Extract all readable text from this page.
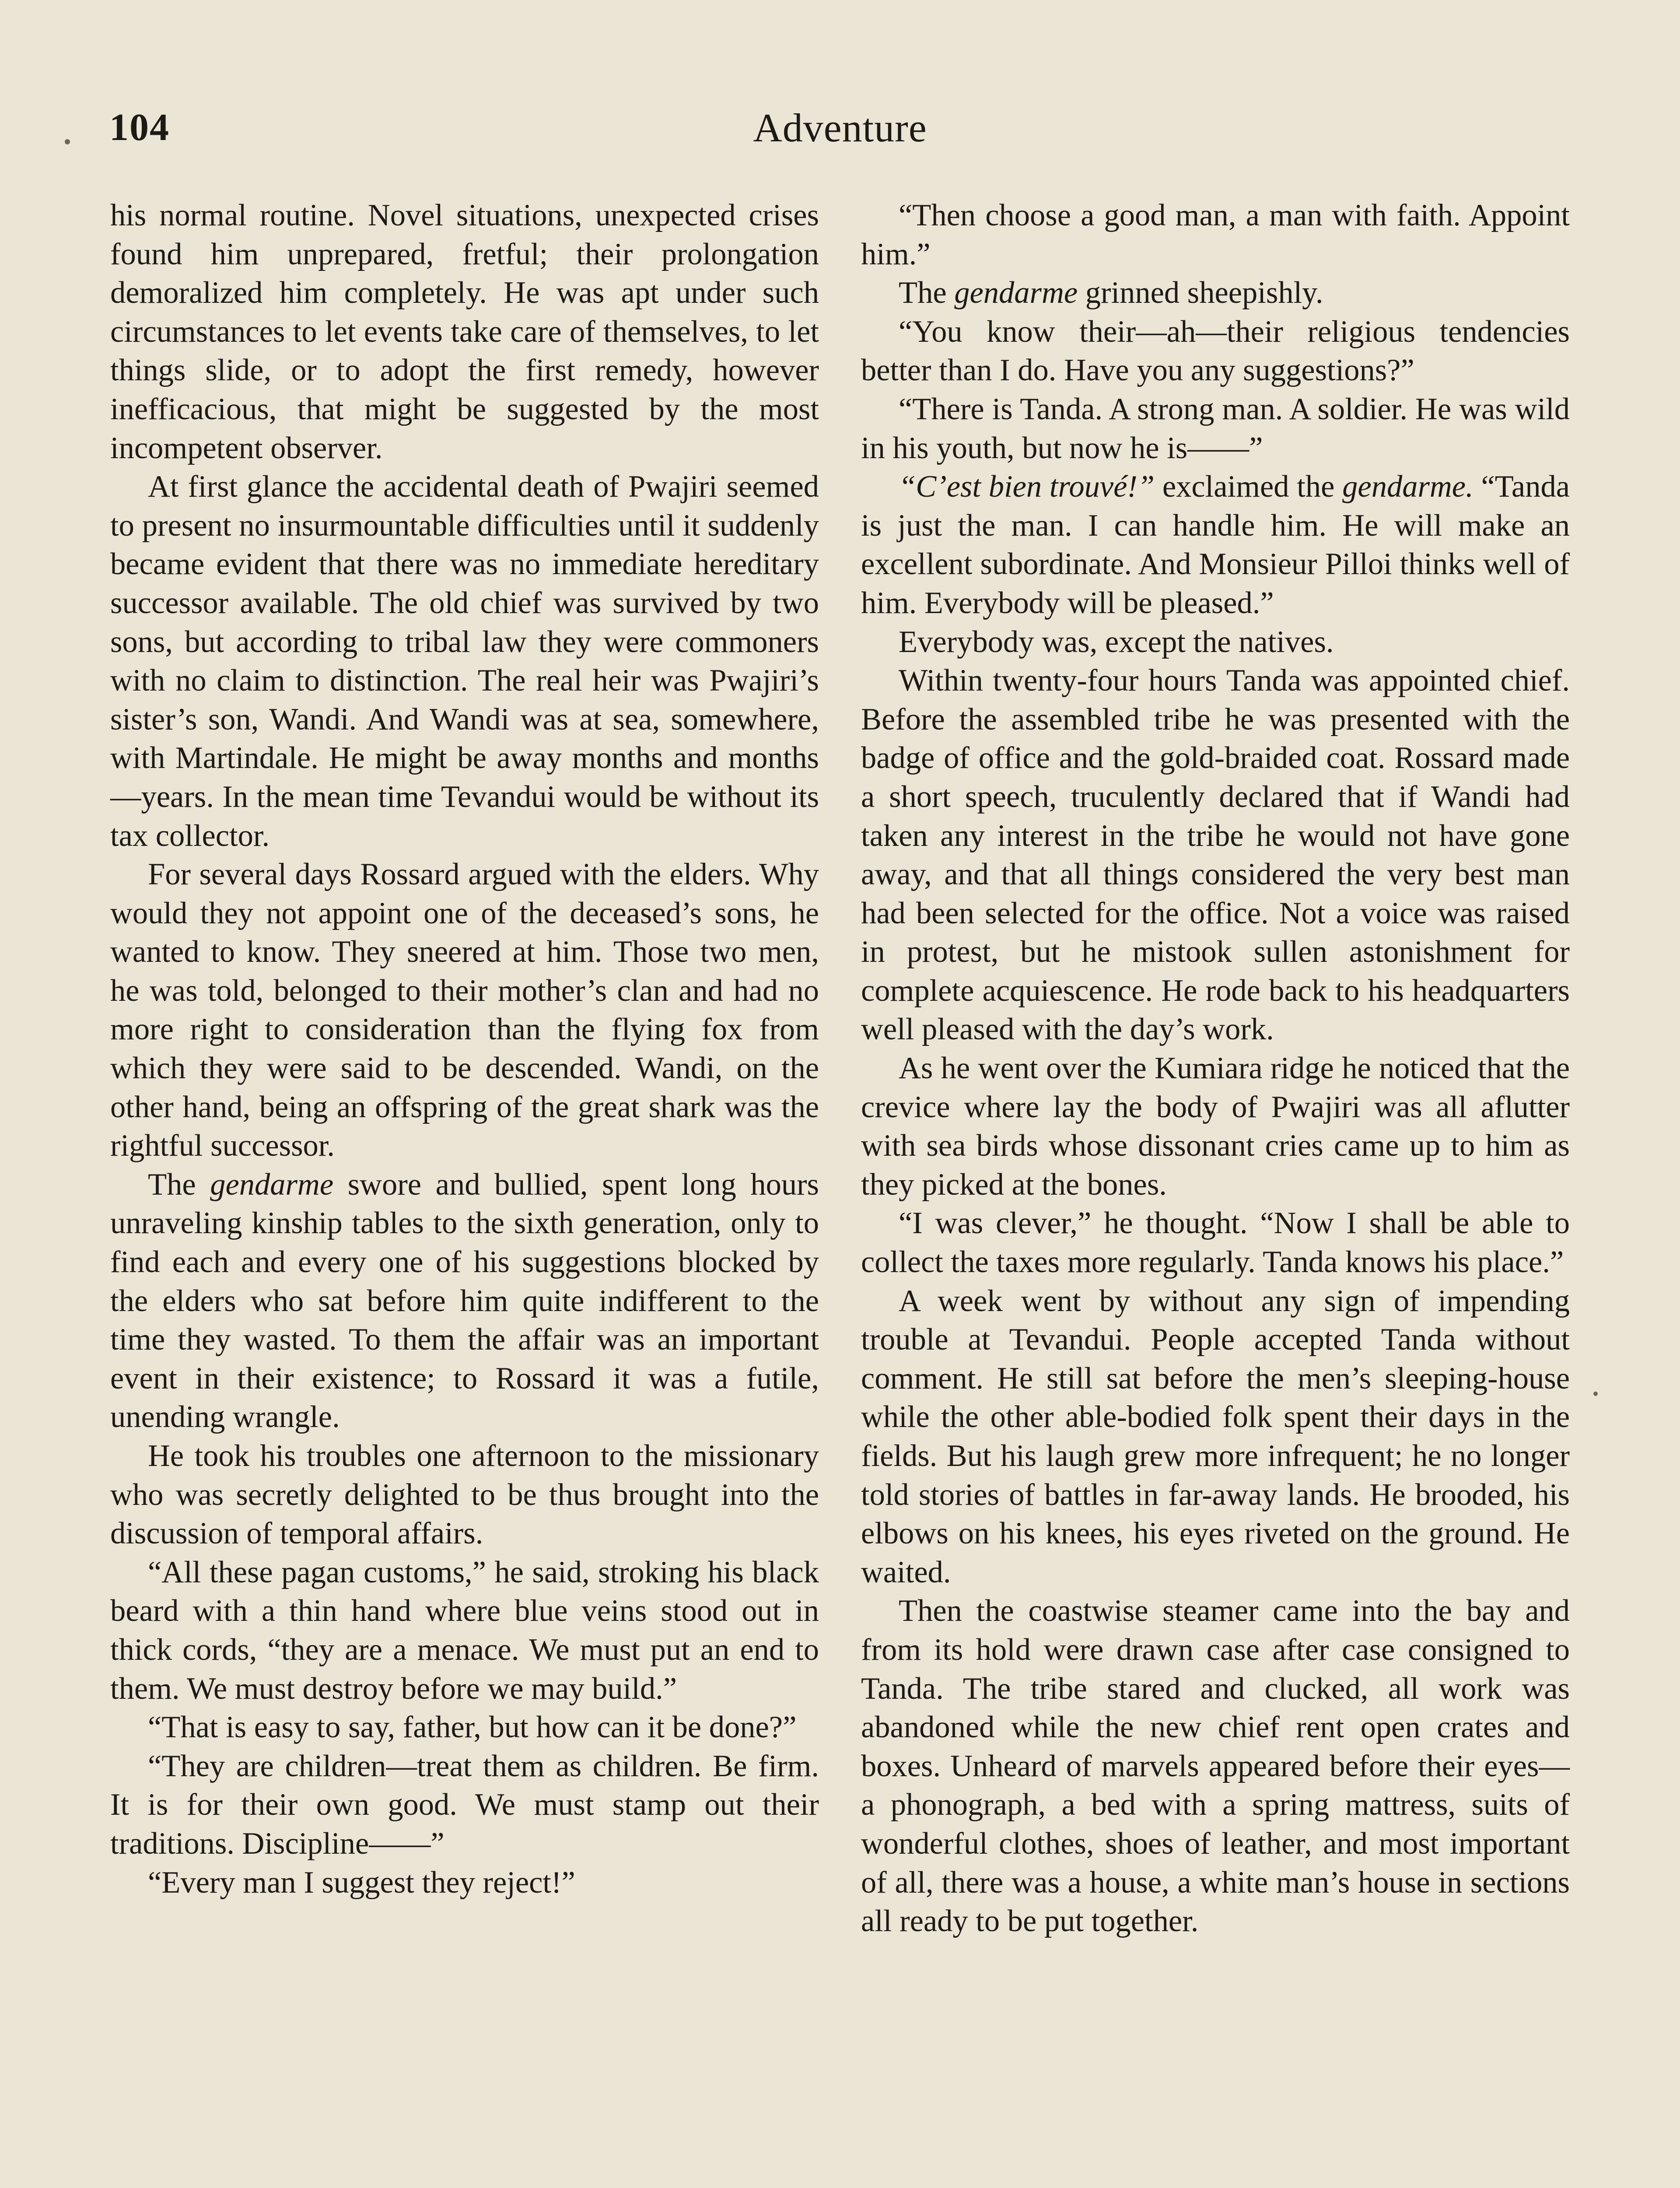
104	Adventure

his normal routine. Novel situations, unexpected crises found him unprepared, fretful; their prolongation demoralized him completely. He was apt under such circumstances to let events take care of themselves, to let things slide, or to adopt the first remedy, however inefficacious, that might be suggested by the most incompetent observer.

At first glance the accidental death of Pwajiri seemed to present no insurmountable difficulties until it suddenly became evident that there was no immediate hereditary successor available. The old chief was survived by two sons, but according to tribal law they were commoners with no claim to distinction. The real heir was Pwajiri’s sister’s son, Wandi. And Wandi was at sea, somewhere, with Martindale. He might be away months and months—years. In the mean time Tevandui would be without its tax collector.

For several days Rossard argued with the elders. Why would they not appoint one of the deceased’s sons, he wanted to know. They sneered at him. Those two men, he was told, belonged to their mother’s clan and had no more right to consideration than the flying fox from which they were said to be descended. Wandi, on the other hand, being an offspring of the great shark was the rightful successor.

The gendarme swore and bullied, spent long hours unraveling kinship tables to the sixth generation, only to find each and every one of his suggestions blocked by the elders who sat before him quite indifferent to the time they wasted. To them the affair was an important event in their existence; to Rossard it was a futile, unending wrangle.

He took his troubles one afternoon to the missionary who was secretly delighted to be thus brought into the discussion of temporal affairs.

“All these pagan customs,” he said, stroking his black beard with a thin hand where blue veins stood out in thick cords, “they are a menace. We must put an end to them. We must destroy before we may build.”

“That is easy to say, father, but how can it be done?”

“They are children—treat them as children. Be firm. It is for their own good. We must stamp out their traditions. Discipline——”

“Every man I suggest they reject!”

“Then choose a good man, a man with faith. Appoint him.”

The gendarme grinned sheepishly.

“You know their—ah—their religious tendencies better than I do. Have you any suggestions?”

“There is Tanda. A strong man. A soldier. He was wild in his youth, but now he is——”

“C’est bien trouvé!” exclaimed the gendarme. “Tanda is just the man. I can handle him. He will make an excellent subordinate. And Monsieur Pilloi thinks well of him. Everybody will be pleased.”

Everybody was, except the natives.

Within twenty-four hours Tanda was appointed chief. Before the assembled tribe he was presented with the badge of office and the gold-braided coat. Rossard made a short speech, truculently declared that if Wandi had taken any interest in the tribe he would not have gone away, and that all things considered the very best man had been selected for the office. Not a voice was raised in protest, but he mistook sullen astonishment for complete acquiescence. He rode back to his headquarters well pleased with the day’s work.

As he went over the Kumiara ridge he noticed that the crevice where lay the body of Pwajiri was all aflutter with sea birds whose dissonant cries came up to him as they picked at the bones.

“I was clever,” he thought. “Now I shall be able to collect the taxes more regularly. Tanda knows his place.”

A week went by without any sign of impending trouble at Tevandui. People accepted Tanda without comment. He still sat before the men’s sleeping-house while the other able-bodied folk spent their days in the fields. But his laugh grew more infrequent; he no longer told stories of battles in far-away lands. He brooded, his elbows on his knees, his eyes riveted on the ground. He waited.

Then the coastwise steamer came into the bay and from its hold were drawn case after case consigned to Tanda. The tribe stared and clucked, all work was abandoned while the new chief rent open crates and boxes. Unheard of marvels appeared before their eyes—a phonograph, a bed with a spring mattress, suits of wonderful clothes, shoes of leather, and most important of all, there was a house, a white man’s house in sections all ready to be put together.
